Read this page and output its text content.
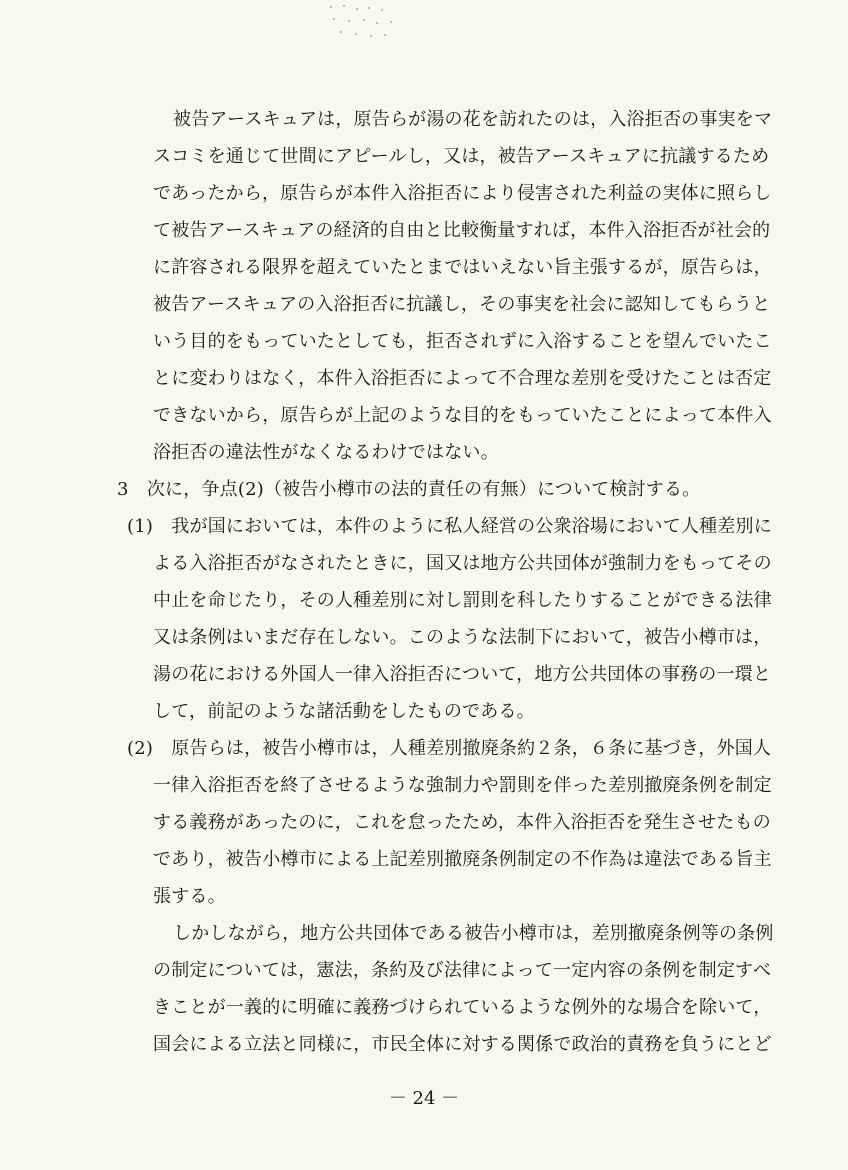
被告アースキュアは，原告らが湯の花を訪れたのは，入浴拒否の事実をマ
スコミを通じて世間にアピールし，又は，被告アースキュアに抗議するため
であったから，原告らが本件入浴拒否により侵害された利益の実体に照らし
て被告アースキュアの経済的自由と比較衡量すれば，本件入浴拒否が社会的
に許容される限界を超えていたとまではいえない旨主張するが，原告らは，
被告アースキュアの入浴拒否に抗議し，その事実を社会に認知してもらうと
いう目的をもっていたとしても，拒否されずに入浴することを望んでいたこ
とに変わりはなく，本件入浴拒否によって不合理な差別を受けたことは否定
できないから，原告らが上記のような目的をもっていたことによって本件入
浴拒否の違法性がなくなるわけではない。
3　次に，争点(2)（被告小樽市の法的責任の有無）について検討する。
(1)　我が国においては，本件のように私人経営の公衆浴場において人種差別に
よる入浴拒否がなされたときに，国又は地方公共団体が強制力をもってその
中止を命じたり，その人種差別に対し罰則を科したりすることができる法律
又は条例はいまだ存在しない。このような法制下において，被告小樽市は，
湯の花における外国人一律入浴拒否について，地方公共団体の事務の一環と
して，前記のような諸活動をしたものである。
(2)　原告らは，被告小樽市は，人種差別撤廃条約２条，６条に基づき，外国人
一律入浴拒否を終了させるような強制力や罰則を伴った差別撤廃条例を制定
する義務があったのに，これを怠ったため，本件入浴拒否を発生させたもの
であり，被告小樽市による上記差別撤廃条例制定の不作為は違法である旨主
張する。
しかしながら，地方公共団体である被告小樽市は，差別撤廃条例等の条例
の制定については，憲法，条約及び法律によって一定内容の条例を制定すべ
きことが一義的に明確に義務づけられているような例外的な場合を除いて，
国会による立法と同様に，市民全体に対する関係で政治的責務を負うにとど
－ 24 －
